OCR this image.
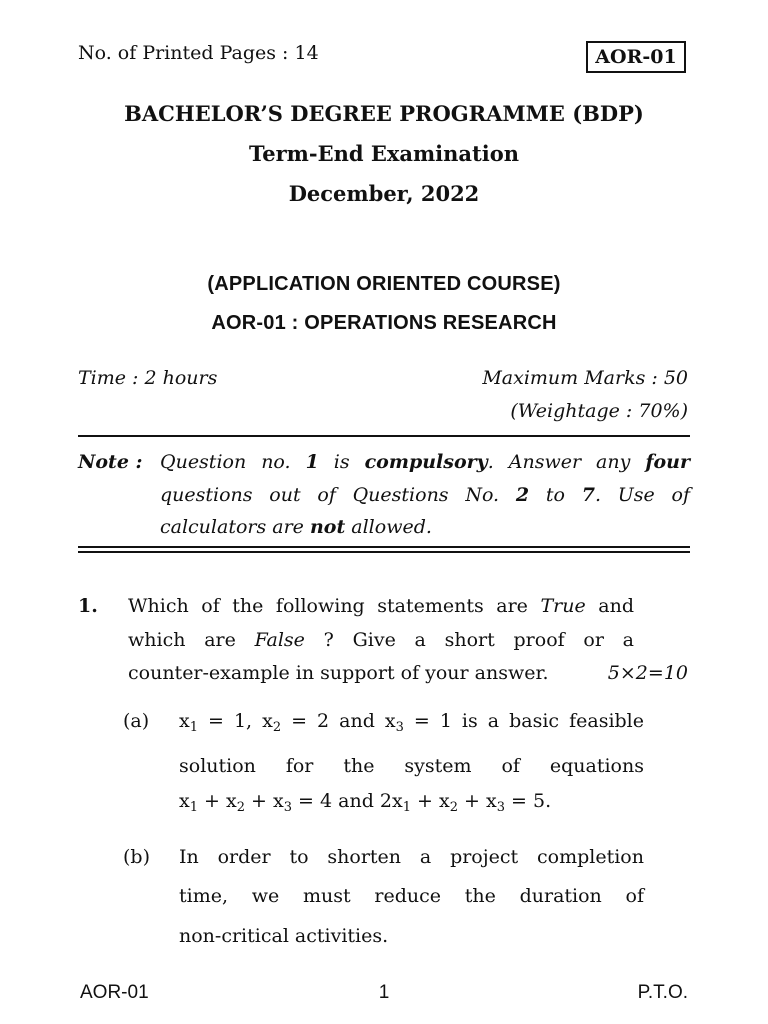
No. of Printed Pages : 14	AOR-01
BACHELOR’S DEGREE PROGRAMME (BDP)
Term-End Examination
December, 2022
(APPLICATION ORIENTED COURSE)
AOR-01 : OPERATIONS RESEARCH
Time : 2 hours	Maximum Marks : 50
(Weightage : 70%)
Note : Question no. 1 is compulsory. Answer any four
questions out of Questions No. 2 to 7. Use of
calculators are not allowed.
1. Which of the following statements are True and
which are False ? Give a short proof or a
counter-example in support of your answer.	5×2=10
(a) $x_1 = 1$, $x_2 = 2$ and $x_3 = 1$ is a basic feasible
solution for the system of equations
$x_1 + x_2 + x_3 = 4$ and $2x_1 + x_2 + x_3 = 5$.
(b) In order to shorten a project completion
time, we must reduce the duration of
non-critical activities.
AOR-01	1	P.T.O.
